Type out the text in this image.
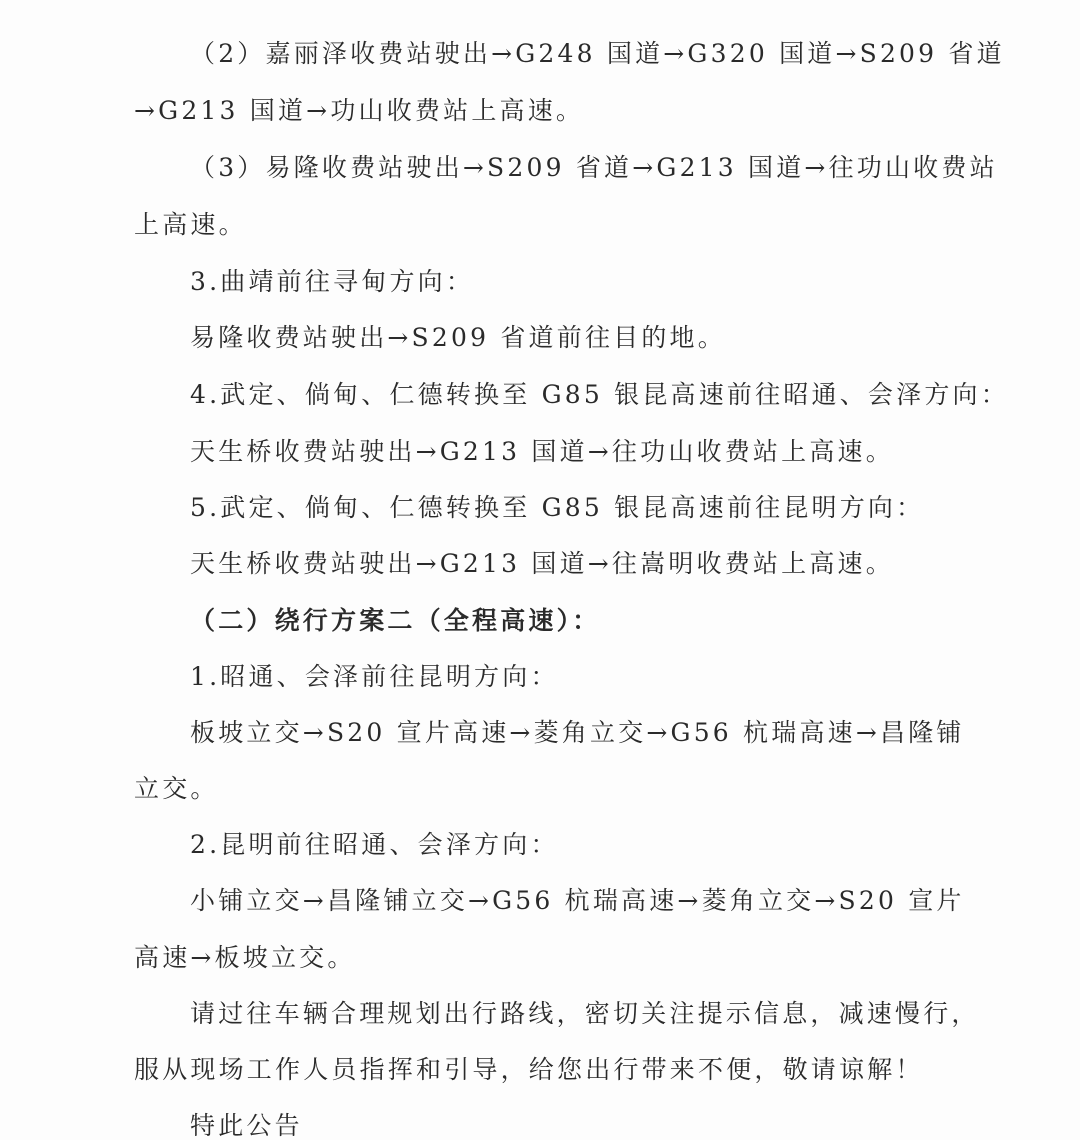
（2）嘉丽泽收费站驶出→G248 国道→G320 国道→S209 省道
→G213 国道→功山收费站上高速。
（3）易隆收费站驶出→S209 省道→G213 国道→往功山收费站
上高速。
3.曲靖前往寻甸方向：
易隆收费站驶出→S209 省道前往目的地。
4.武定、倘甸、仁德转换至 G85 银昆高速前往昭通、会泽方向：
天生桥收费站驶出→G213 国道→往功山收费站上高速。
5.武定、倘甸、仁德转换至 G85 银昆高速前往昆明方向：
天生桥收费站驶出→G213 国道→往嵩明收费站上高速。
（二）绕行方案二（全程高速）：
1.昭通、会泽前往昆明方向：
板坡立交→S20 宣片高速→菱角立交→G56 杭瑞高速→昌隆铺
立交。
2.昆明前往昭通、会泽方向：
小铺立交→昌隆铺立交→G56 杭瑞高速→菱角立交→S20 宣片
高速→板坡立交。
请过往车辆合理规划出行路线，密切关注提示信息，减速慢行，
服从现场工作人员指挥和引导，给您出行带来不便，敬请谅解！
特此公告
